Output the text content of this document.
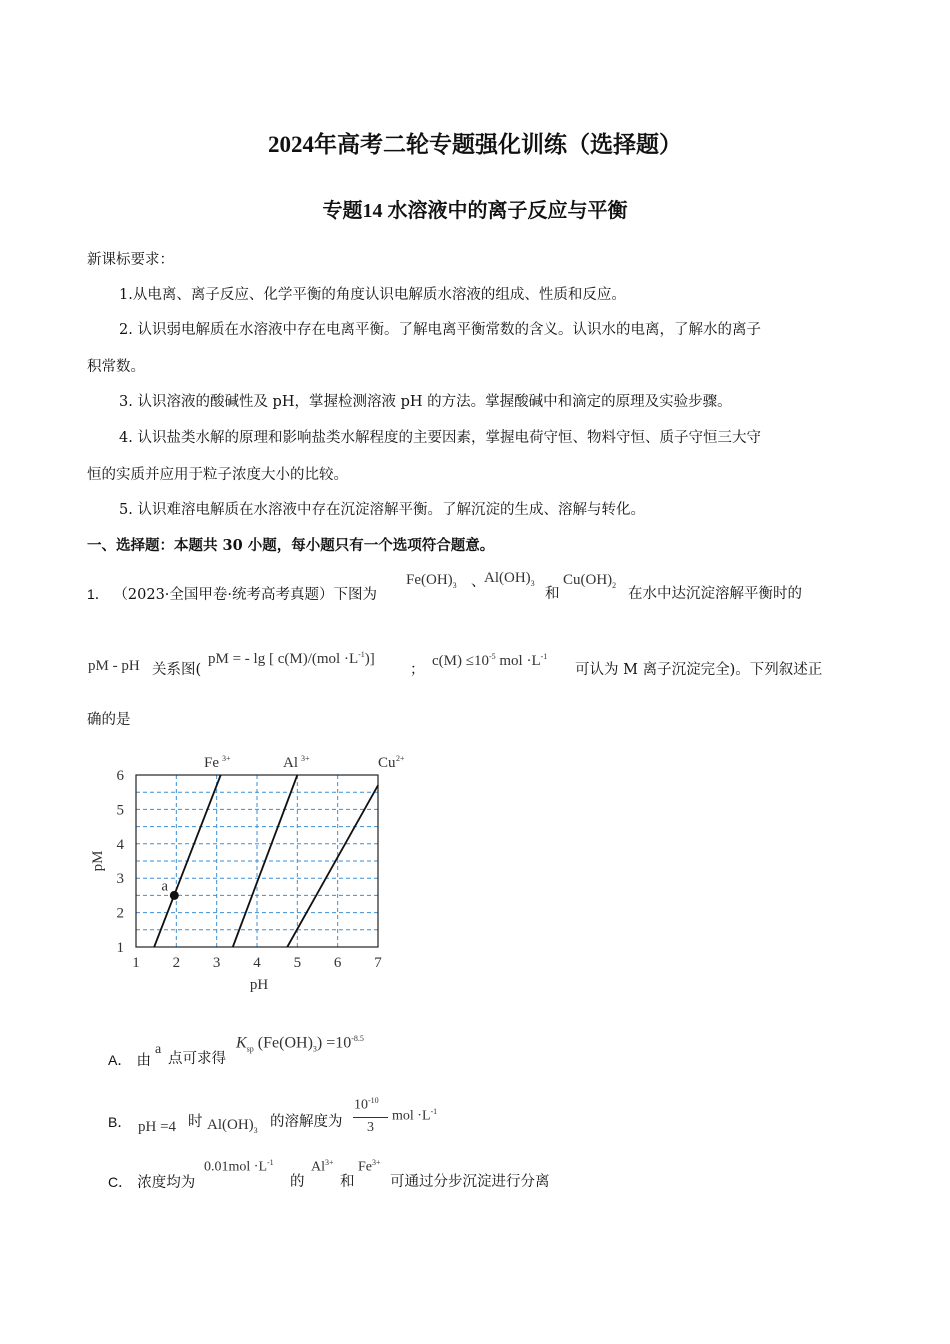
2024年高考二轮专题强化训练（选择题）
专题14 水溶液中的离子反应与平衡
新课标要求：
1.从电离、离子反应、化学平衡的角度认识电解质水溶液的组成、性质和反应。
2. 认识弱电解质在水溶液中存在电离平衡。了解电离平衡常数的含义。认识水的电离，了解水的离子
积常数。
3. 认识溶液的酸碱性及 pH，掌握检测溶液 pH 的方法。掌握酸碱中和滴定的原理及实验步骤。
4. 认识盐类水解的原理和影响盐类水解程度的主要因素，掌握电荷守恒、物料守恒、质子守恒三大守
恒的实质并应用于粒子浓度大小的比较。
5. 认识难溶电解质在水溶液中存在沉淀溶解平衡。了解沉淀的生成、溶解与转化。
一、选择题：本题共 30 小题，每小题只有一个选项符合题意。
1． （2023·全国甲卷·统考高考真题）下图为
$Fe(OH)_3$ 、
$Al(OH)_3$
和
$Cu(OH)_2$
在水中达沉淀溶解平衡时的
pM - pH 关系图(
pM = - lg [ $c(M)/(mol \cdot L^{-1})$]
；
$c(M) \le 10^{-5}$ mol $\cdot L^{-1}$
可认为 M 离子沉淀完全)。下列叙述正
确的是
1 2 3 4 5 6 7
1
2
3
4
5
6
pH
pM
Fe 3+	Al 3+	Cu 2+
a
A． 由
a
点可求得
$K_{sp}$ $(Fe(OH)_3) =10^{-8.5}$
B． pH =4 时 $Al(OH)_3$
的溶解度为
$10^{-10}$
3
mol $\cdot L^{-1}$
C． 浓度均为
$0.01mol \cdot L^{-1}$
的
$Al^{3+}$
和
$Fe^{3+}$
可通过分步沉淀进行分离
